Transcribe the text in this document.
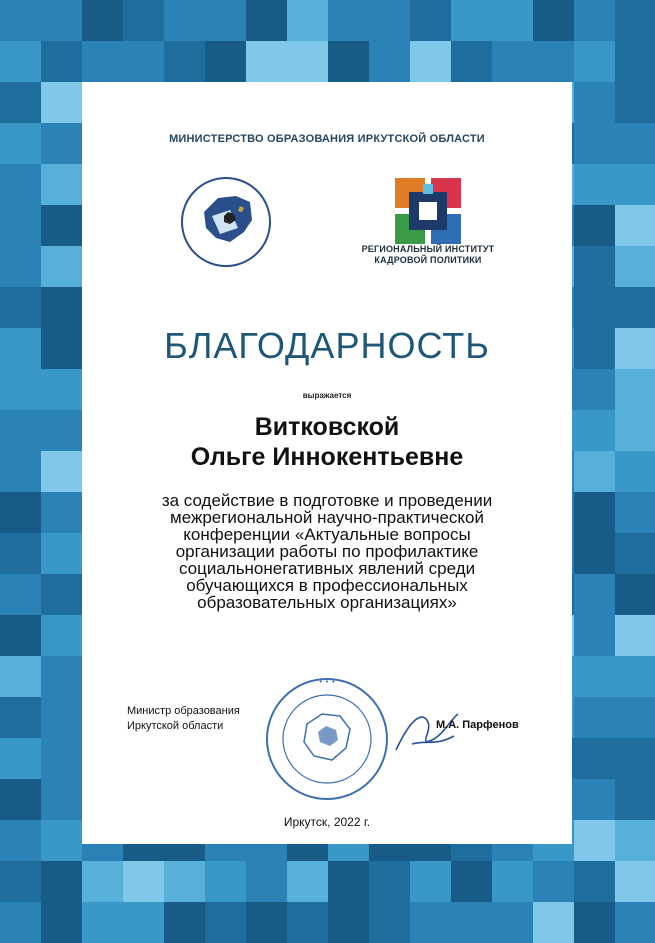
МИНИСТЕРСТВО ОБРАЗОВАНИЯ ИРКУТСКОЙ ОБЛАСТИ
РЕГИОНАЛЬНЫЙ ИНСТИТУТ
КАДРОВОЙ ПОЛИТИКИ
БЛАГОДАРНОСТЬ
выражается
Витковской
Ольге Иннокентьевне
за содействие в подготовке и проведении
межрегиональной научно-практической
конференции «Актуальные вопросы
организации работы по профилактике
социальнонегативных явлений среди
обучающихся в профессиональных
образовательных организациях»
Министр образования
Иркутской области
• • •
М.А. Парфенов
Иркутск, 2022 г.
